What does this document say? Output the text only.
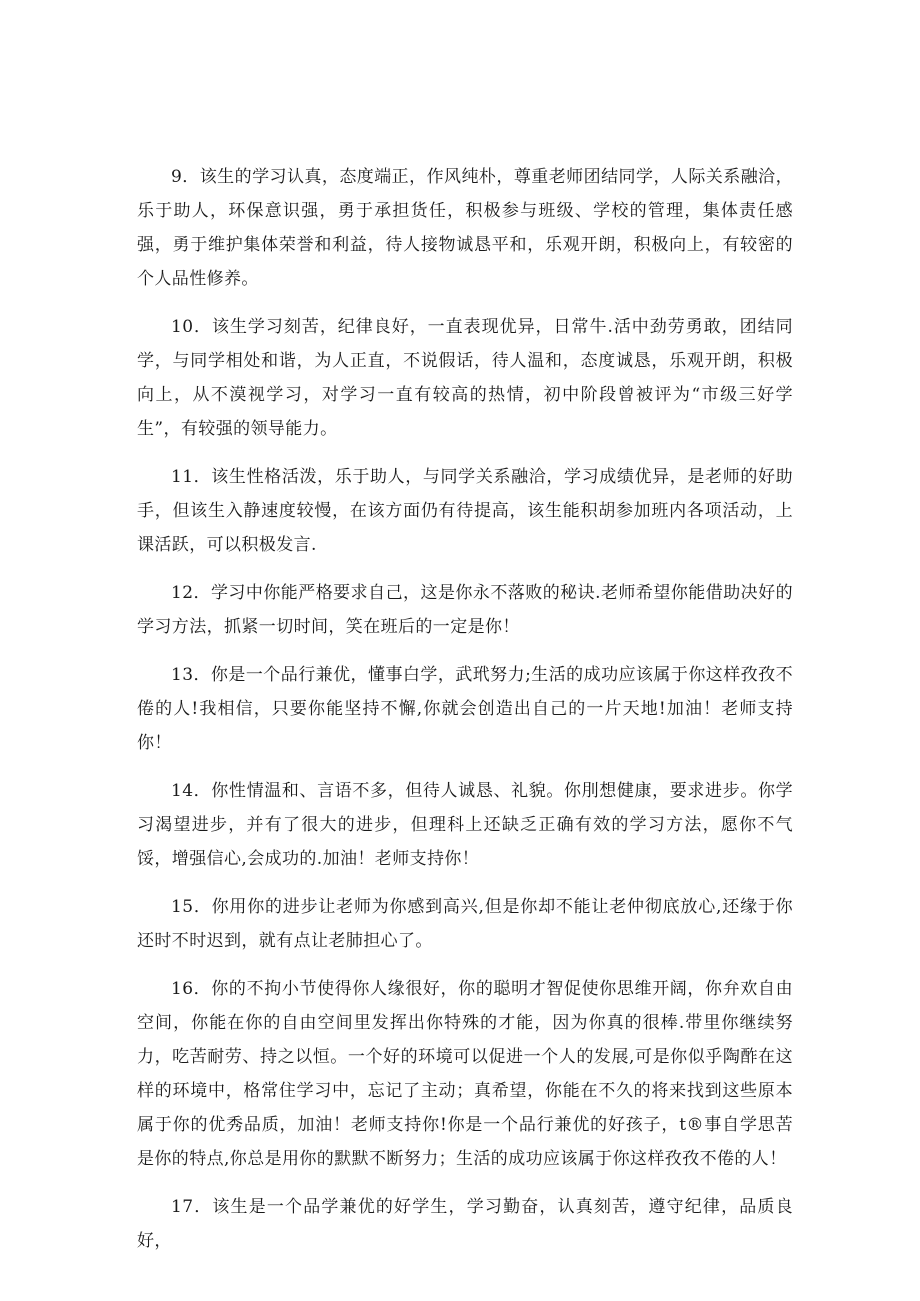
9．该生的学习认真，态度端正，作风纯朴，尊重老师团结同学，人际关系融洽，乐于助人，环保意识强，勇于承担货任，积极参与班级、学校的管理，集体责任感强，勇于维护集体荣誉和利益，待人接物诚恳平和，乐观开朗，积极向上，有较密的个人品性修养。

10．该生学习刻苦，纪律良好，一直表现优异，日常牛.活中劲劳勇敢，团结同学，与同学相处和谐，为人正直，不说假话，待人温和，态度诚恳，乐观开朗，积极向上，从不漠视学习，对学习一直有较高的热情，初中阶段曾被评为“市级三好学生”，有较强的领导能力。

11．该生性格活泼，乐于助人，与同学关系融洽，学习成绩优异，是老师的好助手，但该生入静速度较慢，在该方面仍有待提高，该生能积胡参加班内各项活动，上课活跃，可以积极发言.

12．学习中你能严格要求自己，这是你永不落败的秘诀.老师希望你能借助决好的学习方法，抓紧一切时间，笑在班后的一定是你！

13．你是一个品行兼优，懂事白学，武玳努力;生活的成功应该属于你这样孜孜不倦的人!我相信，只要你能坚持不懈,你就会创造出自己的一片天地!加油！老师支持你！

14．你性情温和、言语不多，但待人诚恳、礼貌。你刖想健康，要求进步。你学习渴望进步，并有了很大的进步，但理科上还缺乏正确有效的学习方法，愿你不气馁，增强信心,会成功的.加油！老师支持你！

15．你用你的进步让老师为你感到高兴,但是你却不能让老仲彻底放心,还缘于你还时不时迟到，就有点让老肺担心了。

16．你的不拘小节使得你人缘很好，你的聪明才智促使你思维开阔，你弁欢自由空间，你能在你的自由空间里发挥出你特殊的才能，因为你真的很棒.带里你继续努力，吃苦耐劳、持之以恒。一个好的环境可以促进一个人的发展,可是你似乎陶酢在这样的环境中，格常住学习中，忘记了主动；真希望，你能在不久的将来找到这些原本属于你的优秀品质，加油！老师支持你!你是一个品行兼优的好孩子，t®事自学思苦是你的特点,你总是用你的默默不断努力；生活的成功应该属于你这样孜孜不倦的人！

17．该生是一个品学兼优的好学生，学习勤奋，认真刻苦，遵守纪律，品质良好，
